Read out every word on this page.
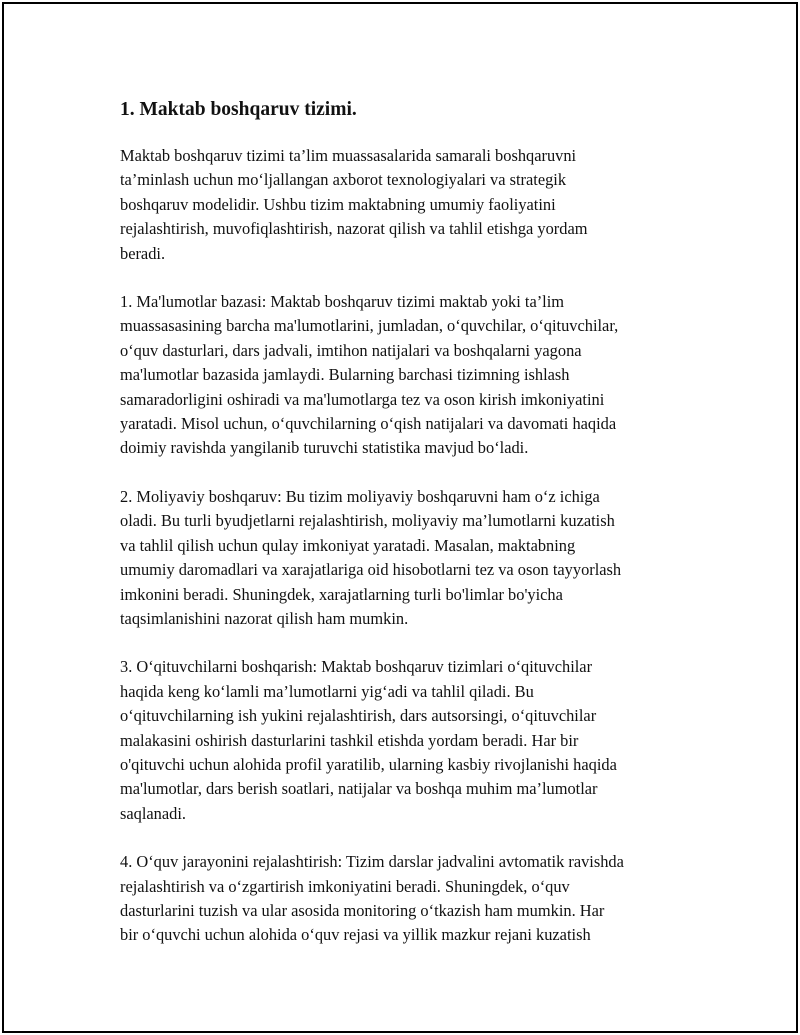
1. Maktab boshqaruv tizimi.

Maktab boshqaruv tizimi ta’lim muassasalarida samarali boshqaruvni
ta’minlash uchun mo‘ljallangan axborot texnologiyalari va strategik
boshqaruv modelidir. Ushbu tizim maktabning umumiy faoliyatini
rejalashtirish, muvofiqlashtirish, nazorat qilish va tahlil etishga yordam
beradi.

1. Ma'lumotlar bazasi: Maktab boshqaruv tizimi maktab yoki ta’lim
muassasasining barcha ma'lumotlarini, jumladan, o‘quvchilar, o‘qituvchilar,
o‘quv dasturlari, dars jadvali, imtihon natijalari va boshqalarni yagona
ma'lumotlar bazasida jamlaydi. Bularning barchasi tizimning ishlash
samaradorligini oshiradi va ma'lumotlarga tez va oson kirish imkoniyatini
yaratadi. Misol uchun, o‘quvchilarning o‘qish natijalari va davomati haqida
doimiy ravishda yangilanib turuvchi statistika mavjud bo‘ladi.

2. Moliyaviy boshqaruv: Bu tizim moliyaviy boshqaruvni ham o‘z ichiga
oladi. Bu turli byudjetlarni rejalashtirish, moliyaviy ma’lumotlarni kuzatish
va tahlil qilish uchun qulay imkoniyat yaratadi. Masalan, maktabning
umumiy daromadlari va xarajatlariga oid hisobotlarni tez va oson tayyorlash
imkonini beradi. Shuningdek, xarajatlarning turli bo'limlar bo'yicha
taqsimlanishini nazorat qilish ham mumkin.

3. O‘qituvchilarni boshqarish: Maktab boshqaruv tizimlari o‘qituvchilar
haqida keng ko‘lamli ma’lumotlarni yig‘adi va tahlil qiladi. Bu
o‘qituvchilarning ish yukini rejalashtirish, dars autsorsingi, o‘qituvchilar
malakasini oshirish dasturlarini tashkil etishda yordam beradi. Har bir
o'qituvchi uchun alohida profil yaratilib, ularning kasbiy rivojlanishi haqida
ma'lumotlar, dars berish soatlari, natijalar va boshqa muhim ma’lumotlar
saqlanadi.

4. O‘quv jarayonini rejalashtirish: Tizim darslar jadvalini avtomatik ravishda
rejalashtirish va o‘zgartirish imkoniyatini beradi. Shuningdek, o‘quv
dasturlarini tuzish va ular asosida monitoring o‘tkazish ham mumkin. Har
bir o‘quvchi uchun alohida o‘quv rejasi va yillik mazkur rejani kuzatish
